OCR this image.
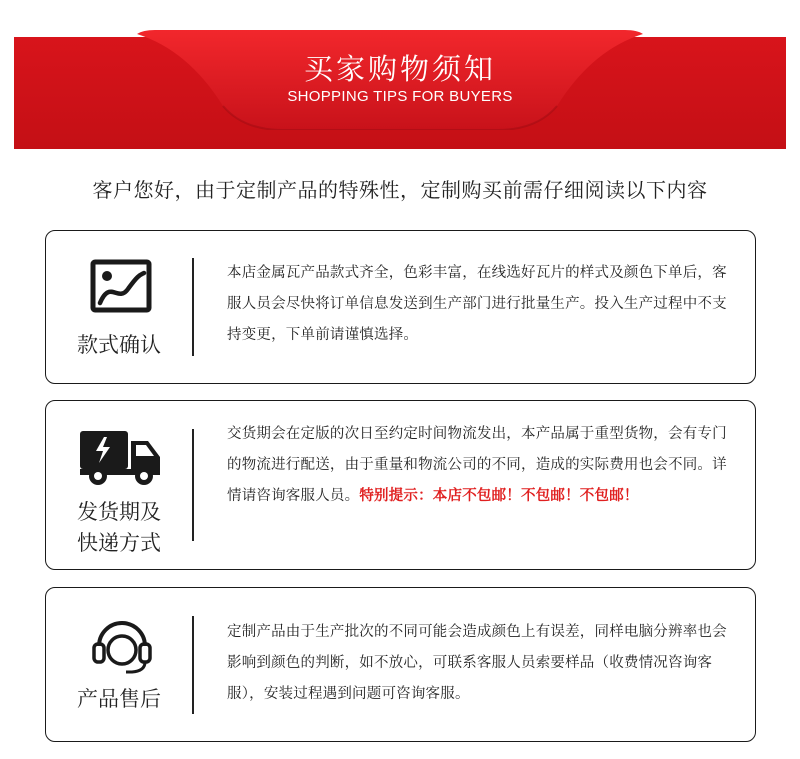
买家购物须知
SHOPPING TIPS FOR BUYERS
客户您好，由于定制产品的特殊性，定制购买前需仔细阅读以下内容
款式确认
本店金属瓦产品款式齐全，色彩丰富，在线选好瓦片的样式及颜色下单后，客服人员会尽快将订单信息发送到生产部门进行批量生产。投入生产过程中不支持变更，下单前请谨慎选择。
发货期及
快递方式
交货期会在定版的次日至约定时间物流发出，本产品属于重型货物，会有专门的物流进行配送，由于重量和物流公司的不同，造成的实际费用也会不同。详情请咨询客服人员。特别提示：本店不包邮！不包邮！不包邮！
产品售后
定制产品由于生产批次的不同可能会造成颜色上有误差，同样电脑分辨率也会影响到颜色的判断，如不放心，可联系客服人员索要样品（收费情况咨询客服），安装过程遇到问题可咨询客服。
